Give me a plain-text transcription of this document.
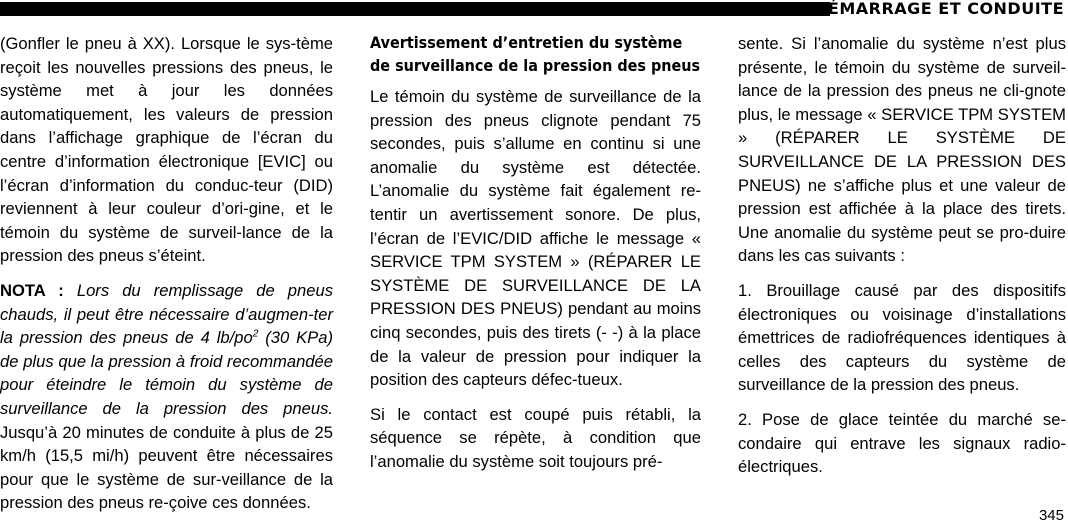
DÉMARRAGE ET CONDUITE

(Gonfler le pneu à XX). Lorsque le sys-tème reçoit les nouvelles pressions des pneus, le système met à jour les données automatiquement, les valeurs de pression dans l’affichage graphique de l’écran du centre d’information électronique [EVIC] ou l’écran d’information du conduc-teur (DID) reviennent à leur couleur d’ori-gine, et le témoin du système de surveil-lance de la pression des pneus s’éteint.

NOTA : Lors du remplissage de pneus chauds, il peut être nécessaire d’augmen-ter la pression des pneus de 4 lb/po$^2$ (30 KPa) de plus que la pression à froid recommandée pour éteindre le témoin du système de surveillance de la pression des pneus. Jusqu’à 20 minutes de conduite à plus de 25 km/h (15,5 mi/h) peuvent être nécessaires pour que le système de sur-veillance de la pression des pneus re-çoive ces données.

Avertissement d’entretien du système de surveillance de la pression des pneus

Le témoin du système de surveillance de la pression des pneus clignote pendant 75 secondes, puis s’allume en continu si une anomalie du système est détectée. L’anomalie du système fait également re-tentir un avertissement sonore. De plus, l’écran de l’EVIC/DID affiche le message « SERVICE TPM SYSTEM » (RÉPARER LE SYSTÈME DE SURVEILLANCE DE LA PRESSION DES PNEUS) pendant au moins cinq secondes, puis des tirets (- -) à la place de la valeur de pression pour indiquer la position des capteurs défec-tueux.

Si le contact est coupé puis rétabli, la séquence se répète, à condition que l’anomalie du système soit toujours pré-

sente. Si l’anomalie du système n’est plus présente, le témoin du système de surveil-lance de la pression des pneus ne cli-gnote plus, le message « SERVICE TPM SYSTEM » (RÉPARER LE SYSTÈME DE SURVEILLANCE DE LA PRESSION DES PNEUS) ne s’affiche plus et une valeur de pression est affichée à la place des tirets. Une anomalie du système peut se pro-duire dans les cas suivants :

1. Brouillage causé par des dispositifs électroniques ou voisinage d’installations émettrices de radiofréquences identiques à celles des capteurs du système de surveillance de la pression des pneus.

2. Pose de glace teintée du marché se-condaire qui entrave les signaux radio-électriques.

345
